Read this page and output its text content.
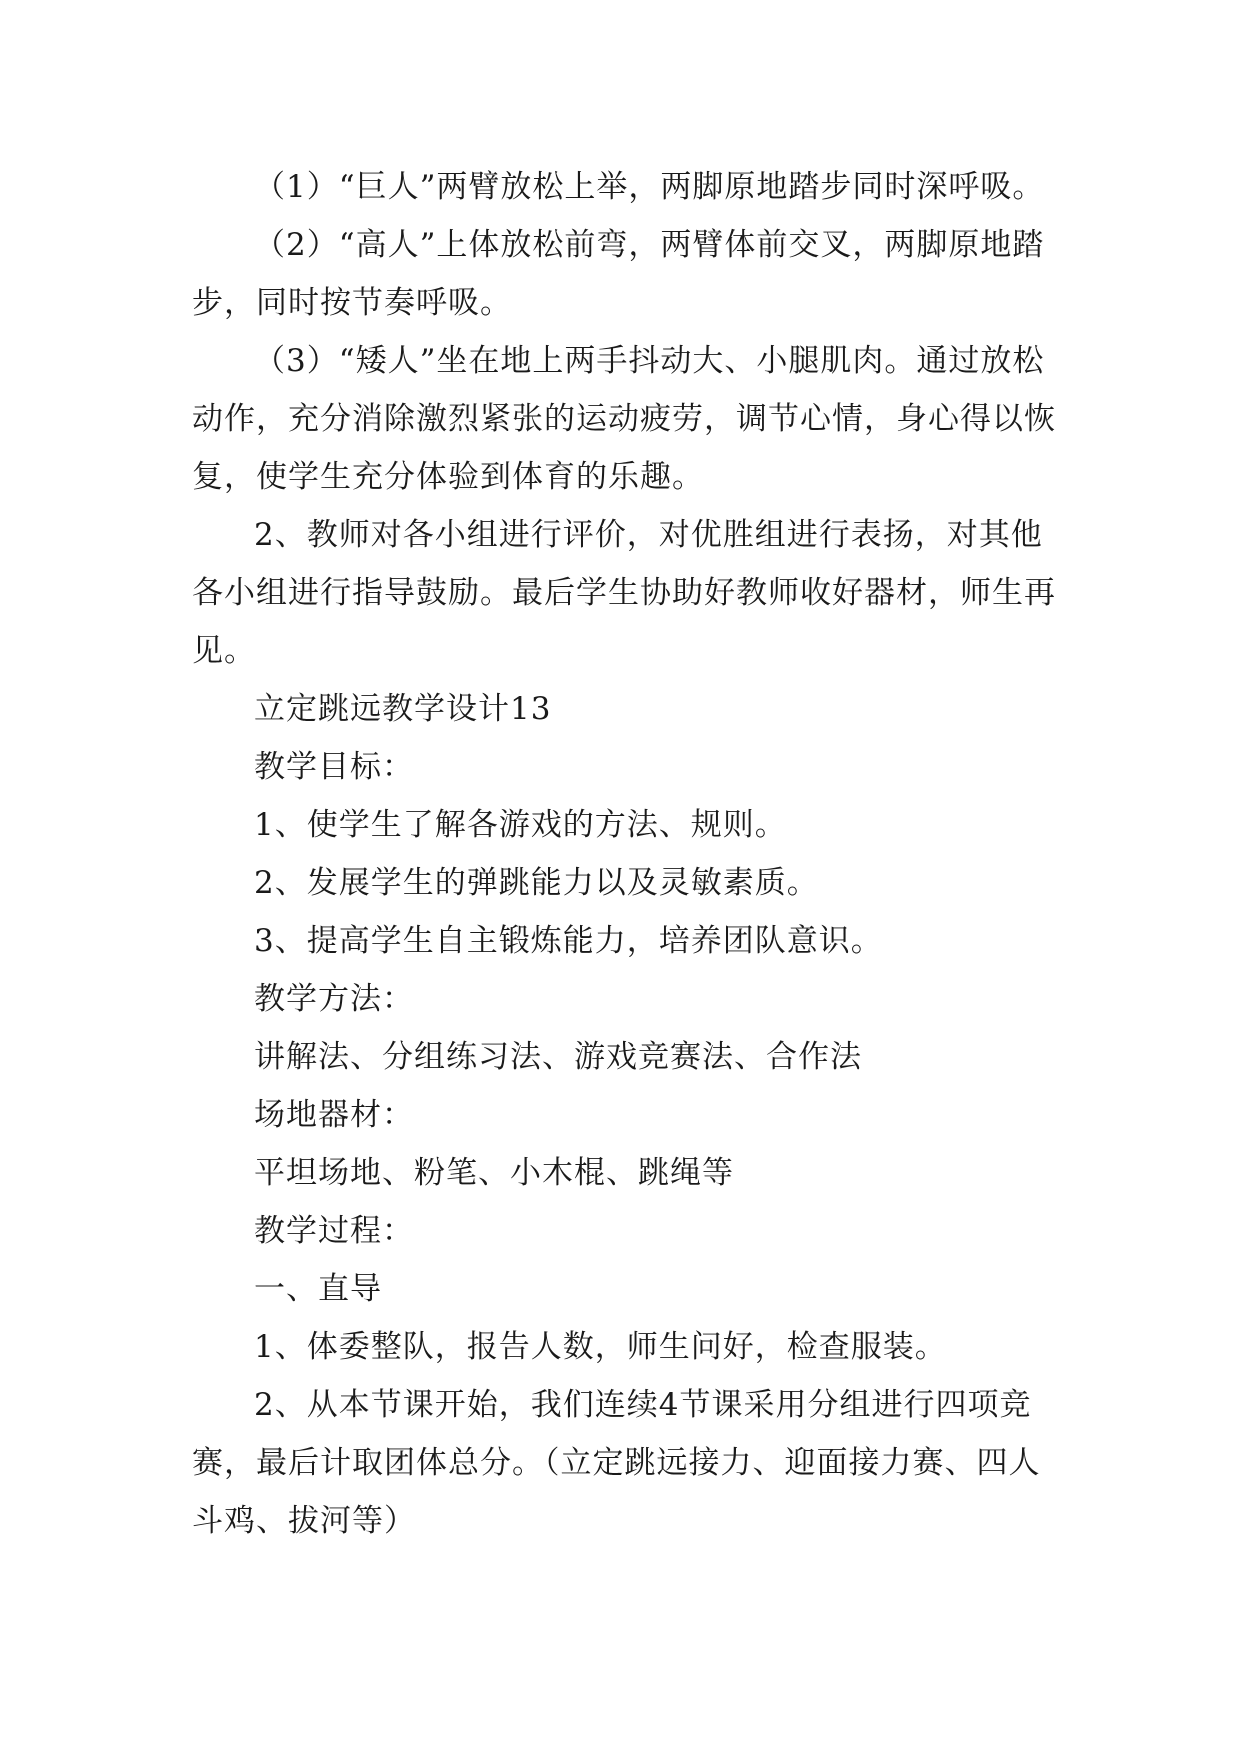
（1）“巨人”两臂放松上举，两脚原地踏步同时深呼吸。

（2）“高人”上体放松前弯，两臂体前交叉，两脚原地踏步，同时按节奏呼吸。

（3）“矮人”坐在地上两手抖动大、小腿肌肉。通过放松动作，充分消除激烈紧张的运动疲劳，调节心情，身心得以恢复，使学生充分体验到体育的乐趣。

2、教师对各小组进行评价，对优胜组进行表扬，对其他各小组进行指导鼓励。最后学生协助好教师收好器材，师生再见。

立定跳远教学设计13

教学目标：

1、使学生了解各游戏的方法、规则。

2、发展学生的弹跳能力以及灵敏素质。

3、提高学生自主锻炼能力，培养团队意识。

教学方法：

讲解法、分组练习法、游戏竞赛法、合作法

场地器材：

平坦场地、粉笔、小木棍、跳绳等

教学过程：

一、直导

1、体委整队，报告人数，师生问好，检查服装。

2、从本节课开始，我们连续4节课采用分组进行四项竞赛，最后计取团体总分。（立定跳远接力、迎面接力赛、四人斗鸡、拔河等）
